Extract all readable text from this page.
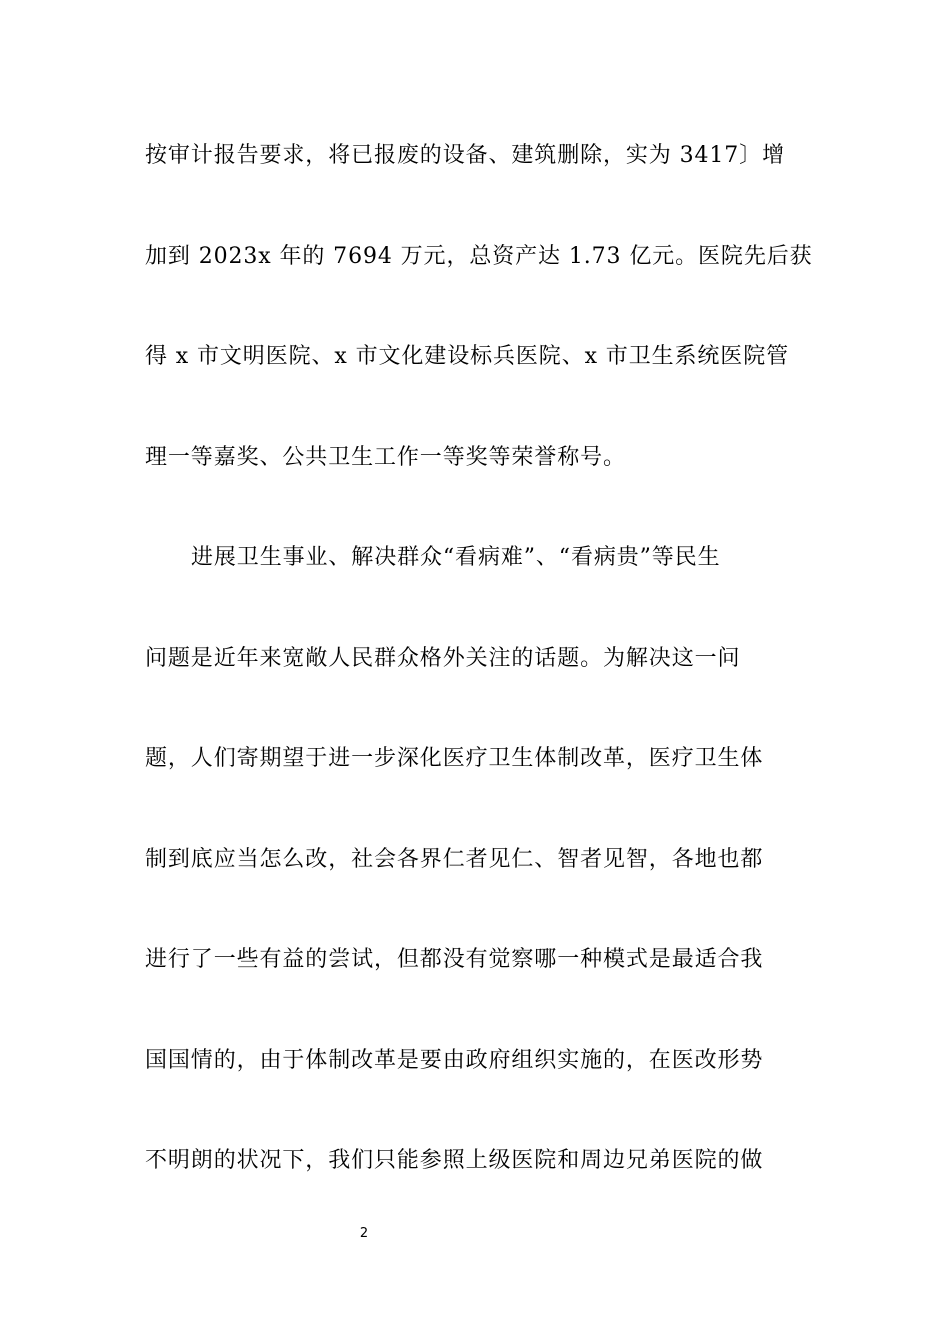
按审计报告要求，将已报废的设备、建筑删除，实为 3417〕增
加到 2023x 年的 7694 万元，总资产达 1.73 亿元。医院先后获
得 x 市文明医院、x 市文化建设标兵医院、x 市卫生系统医院管
理一等嘉奖、公共卫生工作一等奖等荣誉称号。
进展卫生事业、解决群众“看病难”、“看病贵”等民生
问题是近年来宽敞人民群众格外关注的话题。为解决这一问
题，人们寄期望于进一步深化医疗卫生体制改革，医疗卫生体
制到底应当怎么改，社会各界仁者见仁、智者见智，各地也都
进行了一些有益的尝试，但都没有觉察哪一种模式是最适合我
国国情的，由于体制改革是要由政府组织实施的，在医改形势
不明朗的状况下，我们只能参照上级医院和周边兄弟医院的做
2
